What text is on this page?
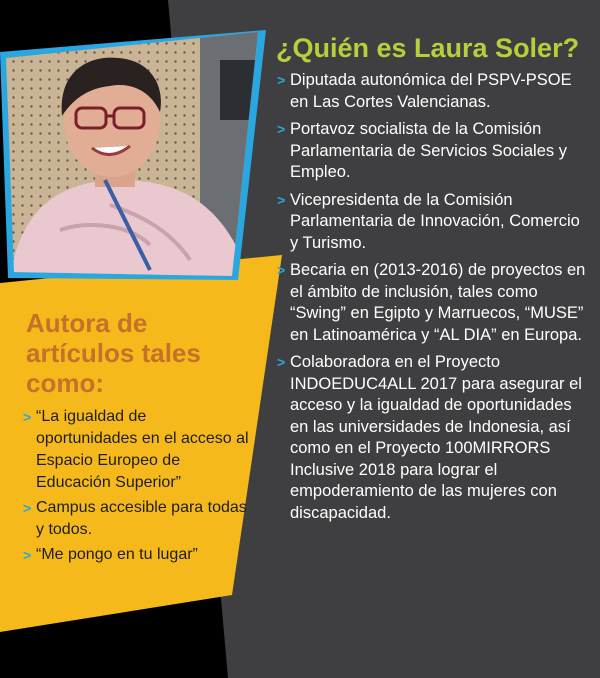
¿Quién es Laura Soler?
> Diputada autonómica del PSPV-PSOE en Las Cortes Valencianas.
> Portavoz socialista de la Comisión Parlamentaria de Servicios Sociales y Empleo.
> Vicepresidenta de la Comisión Parlamentaria de Innovación, Comercio y Turismo.
> Becaria en (2013-2016) de proyectos en el ámbito de inclusión, tales como “Swing” en Egipto y Marruecos, “MUSE” en Latinoamérica y “AL DIA” en Europa.
> Colaboradora en el Proyecto INDOEDUC4ALL 2017 para asegurar el acceso y la igualdad de oportunidades en las universidades de Indonesia, así como en el Proyecto 100MIRRORS Inclusive 2018 para lograr el empoderamiento de las mujeres con discapacidad.
Autora de artículos tales como:
> “La igualdad de oportunidades en el acceso al Espacio Europeo de Educación Superior”
> Campus accesible para todas y todos.
> “Me pongo en tu lugar”
